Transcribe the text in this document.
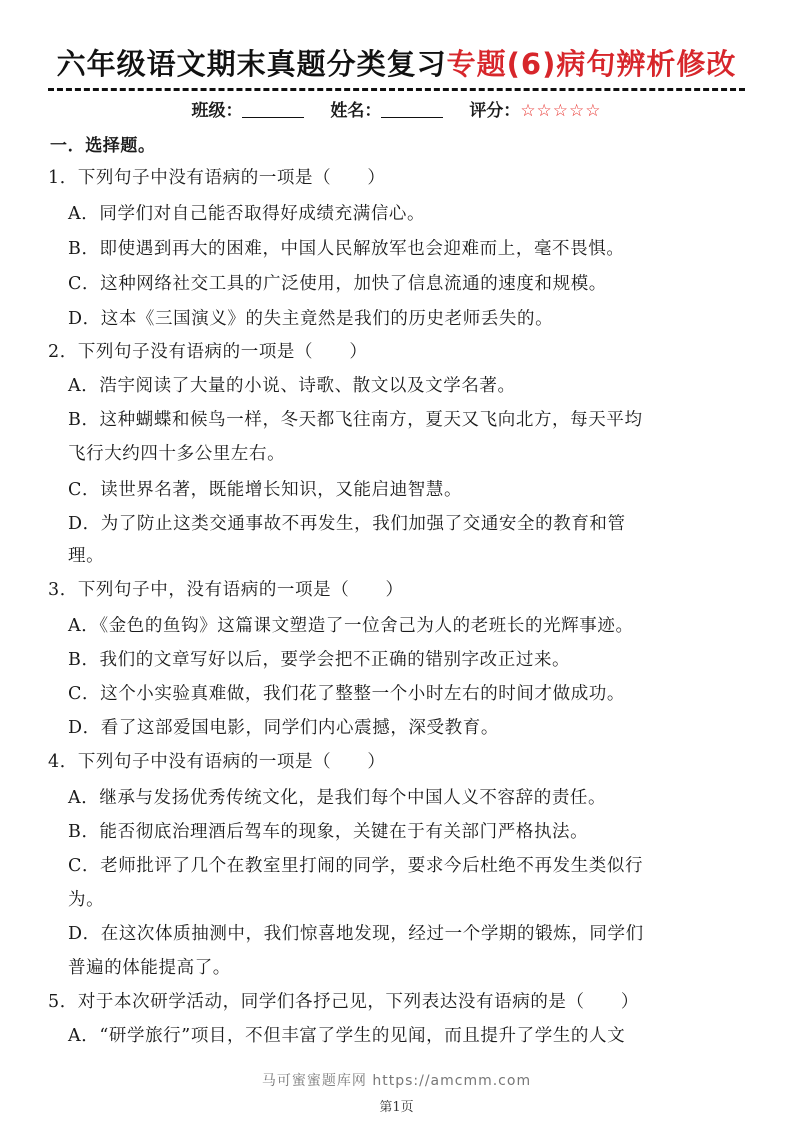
六年级语文期末真题分类复习专题(6)病句辨析修改
班级：	姓名：	评分：☆☆☆☆☆
一．选择题。
1．下列句子中没有语病的一项是（　　）
A．同学们对自己能否取得好成绩充满信心。
B．即使遇到再大的困难，中国人民解放军也会迎难而上，毫不畏惧。
C．这种网络社交工具的广泛使用，加快了信息流通的速度和规模。
D．这本《三国演义》的失主竟然是我们的历史老师丢失的。
2．下列句子没有语病的一项是（　　）
A．浩宇阅读了大量的小说、诗歌、散文以及文学名著。
B．这种蝴蝶和候鸟一样，冬天都飞往南方，夏天又飞向北方，每天平均
飞行大约四十多公里左右。
C．读世界名著，既能增长知识，又能启迪智慧。
D．为了防止这类交通事故不再发生，我们加强了交通安全的教育和管
理。
3．下列句子中，没有语病的一项是（　　）
A．《金色的鱼钩》这篇课文塑造了一位舍己为人的老班长的光辉事迹。
B．我们的文章写好以后，要学会把不正确的错别字改正过来。
C．这个小实验真难做，我们花了整整一个小时左右的时间才做成功。
D．看了这部爱国电影，同学们内心震撼，深受教育。
4．下列句子中没有语病的一项是（　　）
A．继承与发扬优秀传统文化，是我们每个中国人义不容辞的责任。
B．能否彻底治理酒后驾车的现象，关键在于有关部门严格执法。
C．老师批评了几个在教室里打闹的同学，要求今后杜绝不再发生类似行
为。
D．在这次体质抽测中，我们惊喜地发现，经过一个学期的锻炼，同学们
普遍的体能提高了。
5．对于本次研学活动，同学们各抒己见，下列表达没有语病的是（　　）
A．“研学旅行”项目，不但丰富了学生的见闻，而且提升了学生的人文
马可蜜蜜题库网 https://amcmm.com
第1页
